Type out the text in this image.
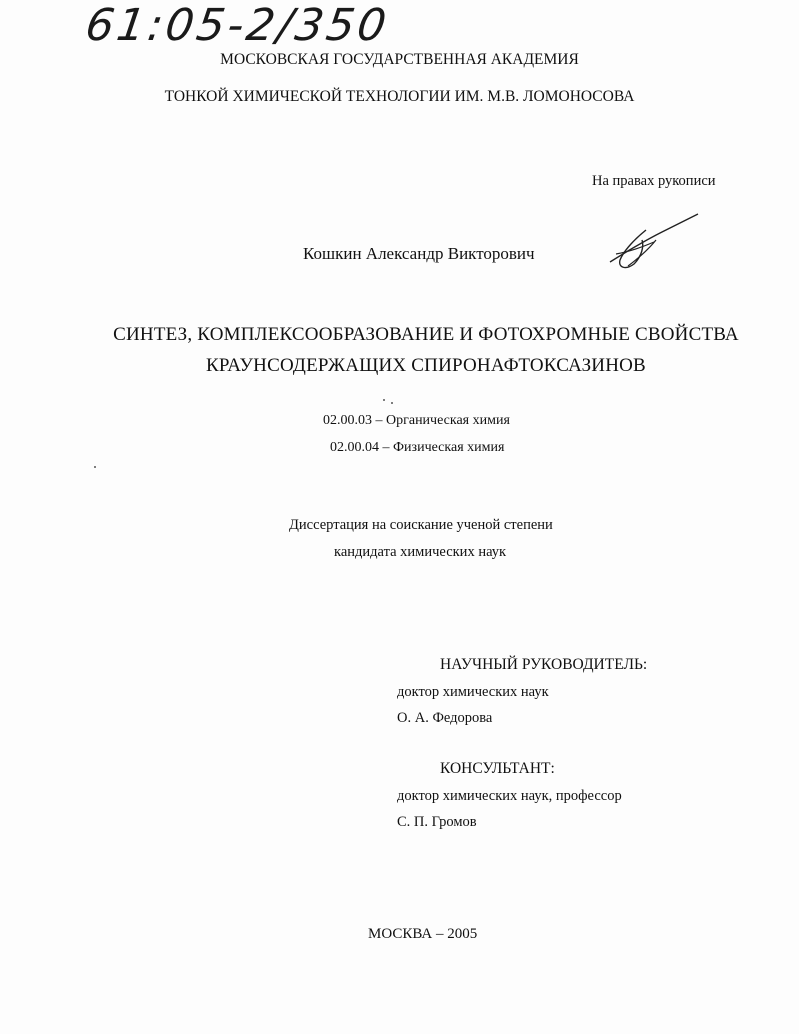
61:05-2/350
МОСКОВСКАЯ ГОСУДАРСТВЕННАЯ АКАДЕМИЯ
ТОНКОЙ ХИМИЧЕСКОЙ ТЕХНОЛОГИИ ИМ. М.В. ЛОМОНОСОВА
На правах рукописи
Кошкин Александр Викторович
СИНТЕЗ, КОМПЛЕКСООБРАЗОВАНИЕ И ФОТОХРОМНЫЕ СВОЙСТВА
КРАУНСОДЕРЖАЩИХ СПИРОНАФТОКСАЗИНОВ
02.00.03 – Органическая химия
02.00.04 – Физическая химия
Диссертация на соискание ученой степени
кандидата химических наук
НАУЧНЫЙ РУКОВОДИТЕЛЬ:
доктор химических наук
О. А. Федорова
КОНСУЛЬТАНТ:
доктор химических наук, профессор
С. П. Громов
МОСКВА – 2005
